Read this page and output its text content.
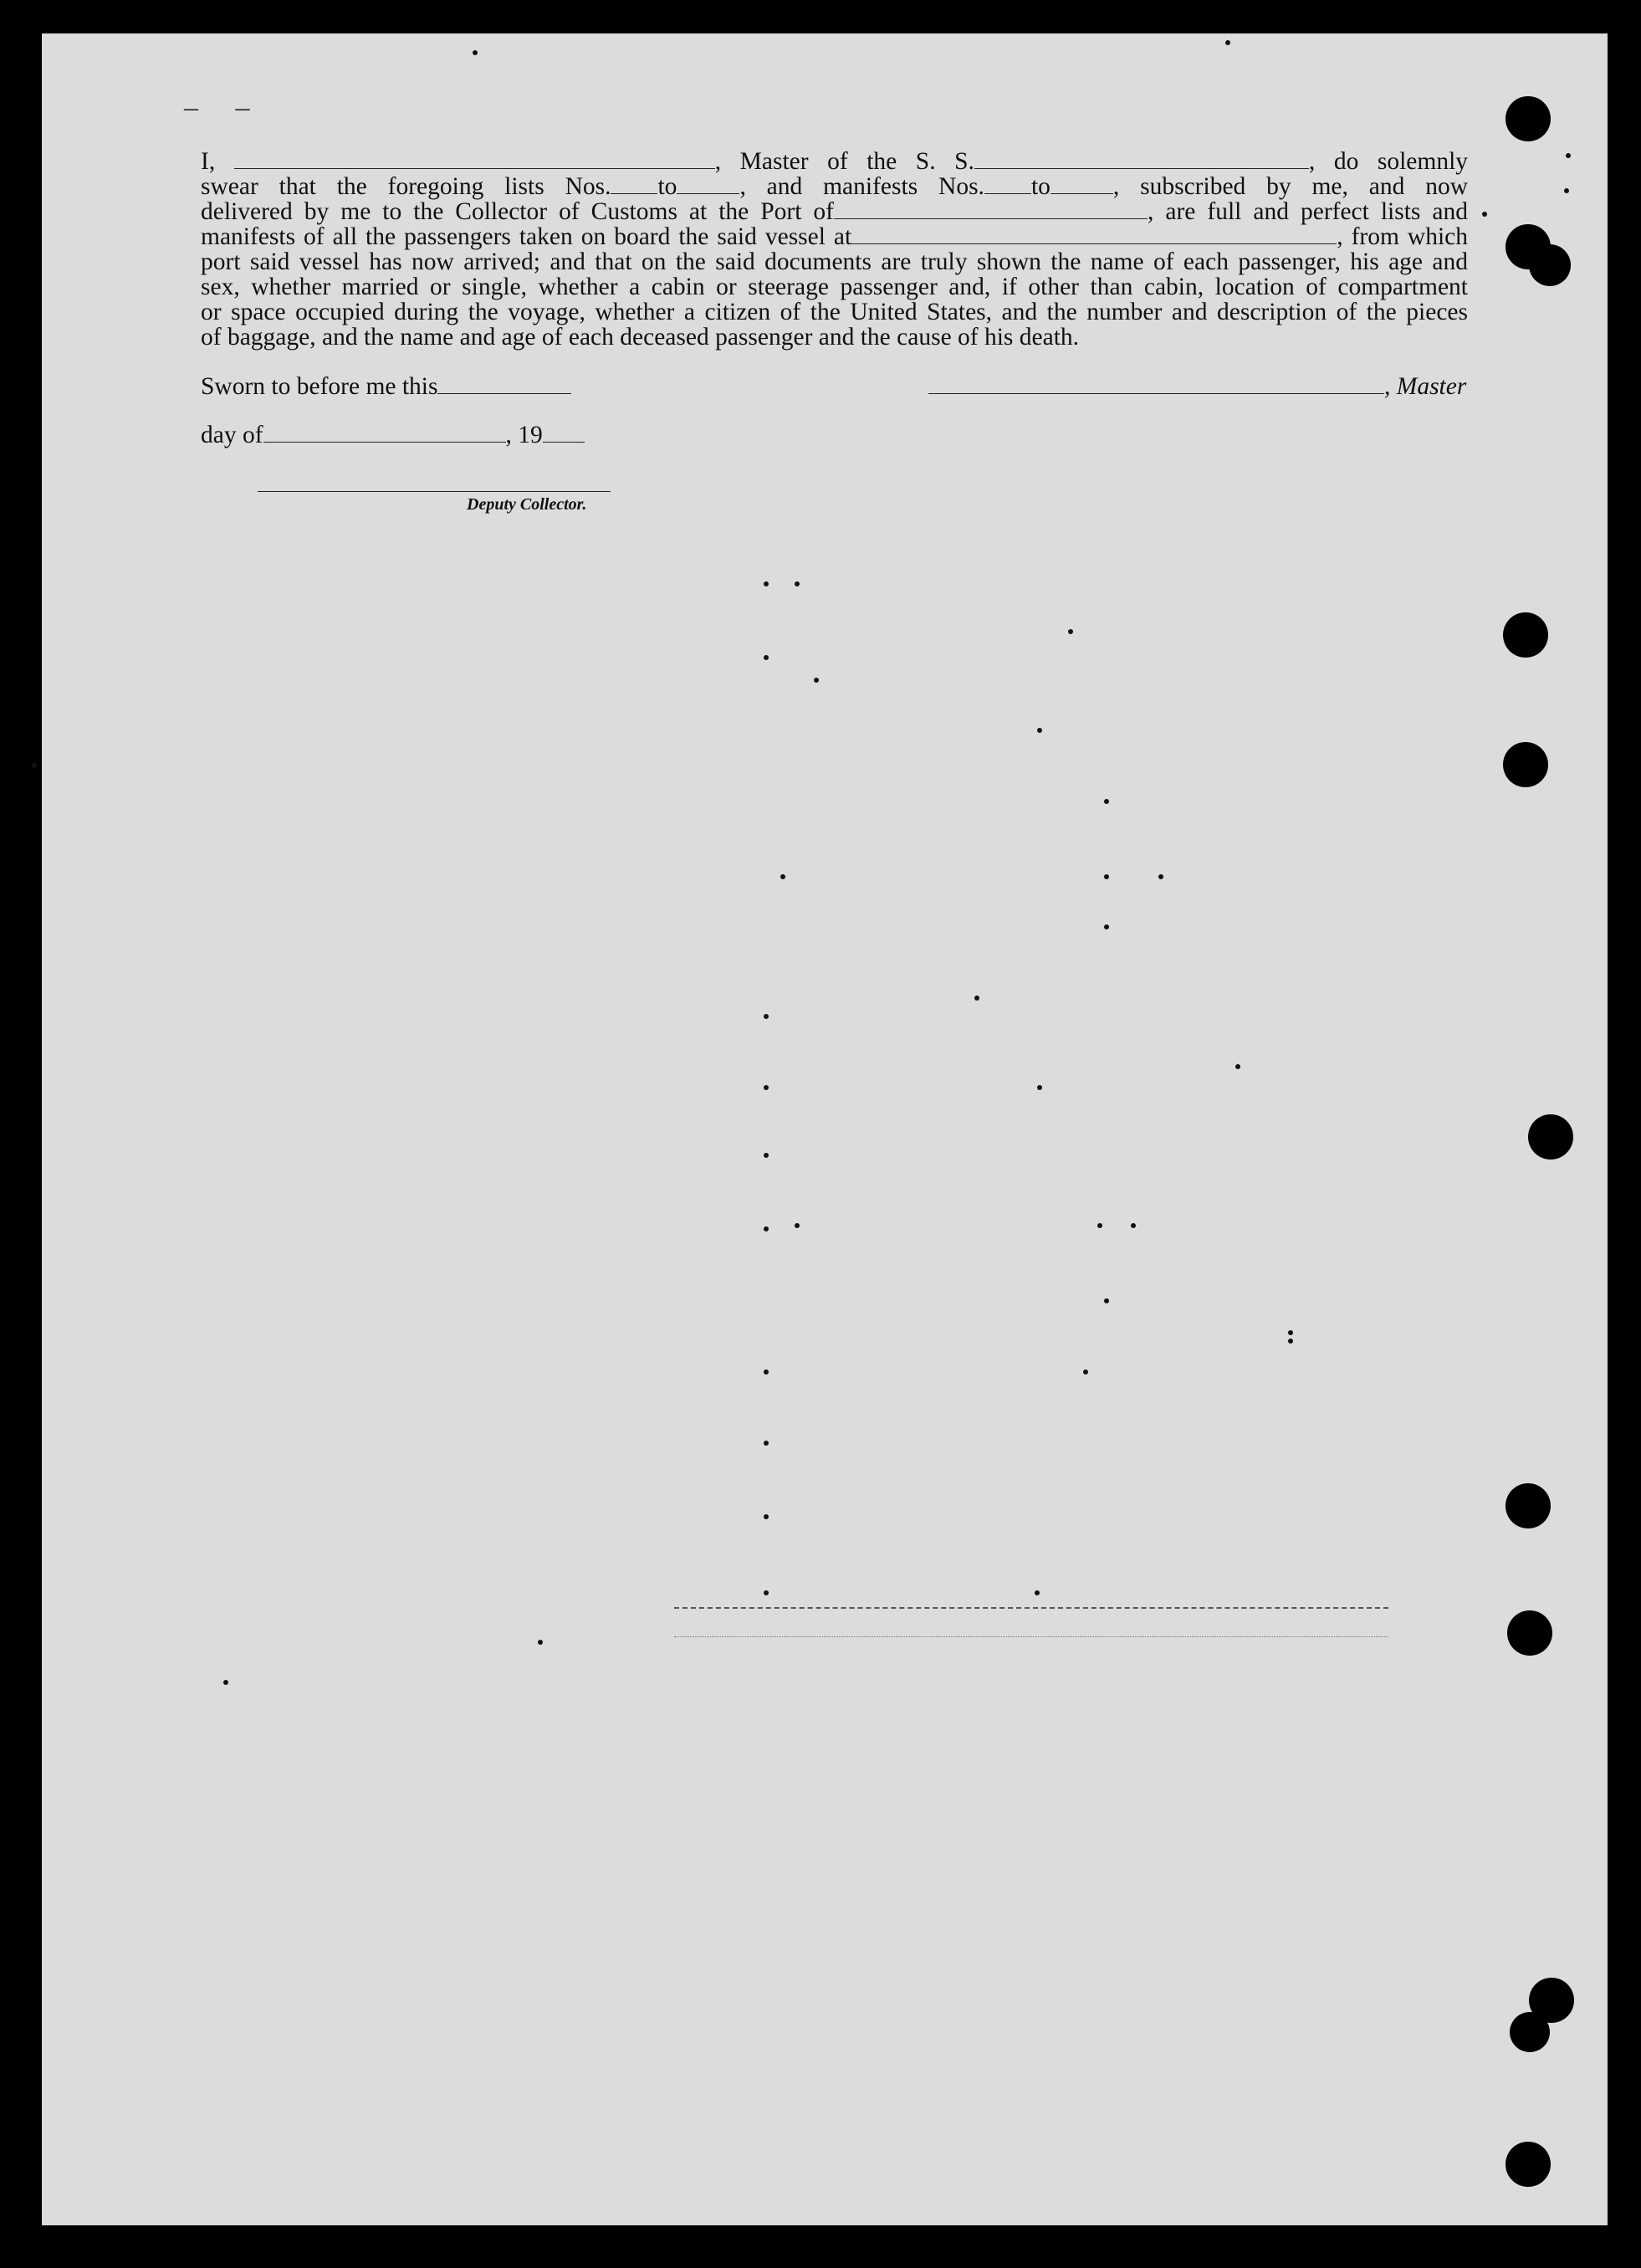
– –
I,	, Master of the S. S.	, do solemnly
swear that the foregoing lists Nos. to	, and manifests Nos. to	, subscribed by me, and now
delivered by me to the Collector of Customs at the Port of	, are full and perfect lists and
manifests of all the passengers taken on board the said vessel at	, from which
port said vessel has now arrived; and that on the said documents are truly shown the name of each passenger, his age and
sex, whether married or single, whether a cabin or steerage passenger and, if other than cabin, location of compartment
or space occupied during the voyage, whether a citizen of the United States, and the number and description of the pieces
of baggage, and the name and age of each deceased passenger and the cause of his death.
Sworn to before me this	, Master
day of	, 19
Deputy Collector.
